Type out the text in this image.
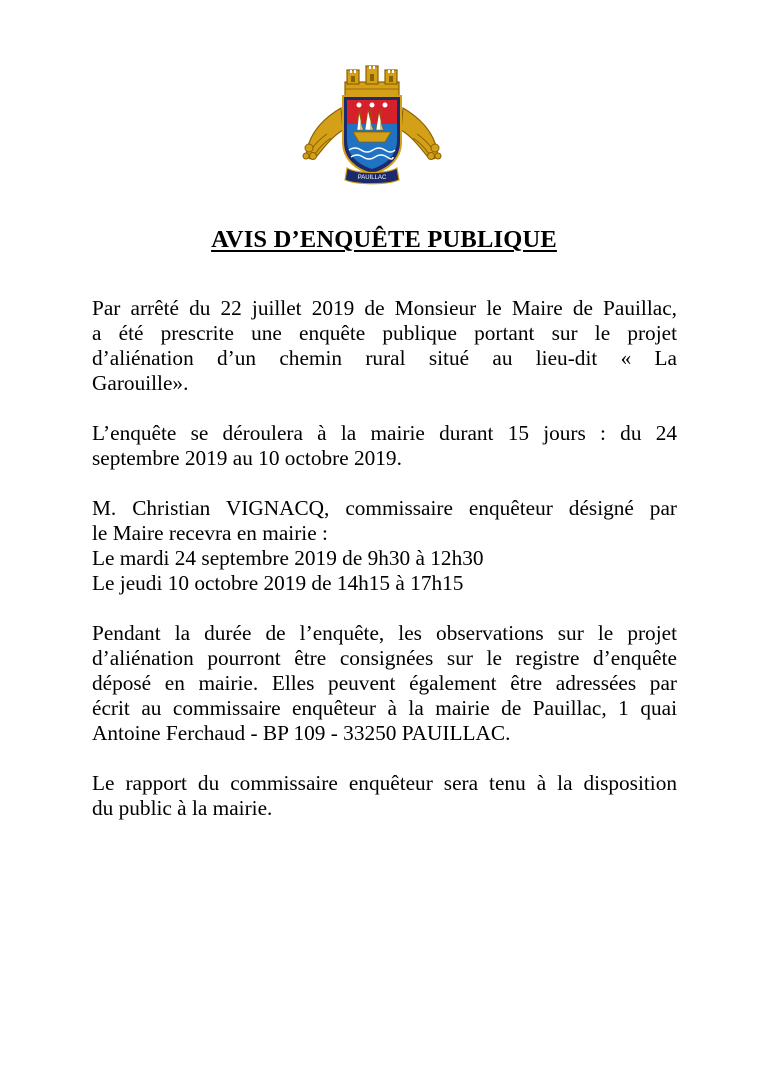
PAUILLAC
AVIS D’ENQUÊTE PUBLIQUE
Par arrêté du 22 juillet 2019 de Monsieur le Maire de Pauillac,
a été prescrite une enquête publique portant sur le projet
d’aliénation d’un chemin rural situé au lieu-dit « La
Garouille».
L’enquête se déroulera à la mairie durant 15 jours : du 24
septembre 2019 au 10 octobre 2019.
M. Christian VIGNACQ, commissaire enquêteur désigné par
le Maire recevra en mairie :
Le mardi 24 septembre 2019 de 9h30 à 12h30
Le jeudi 10 octobre 2019 de 14h15 à 17h15
Pendant la durée de l’enquête, les observations sur le projet
d’aliénation pourront être consignées sur le registre d’enquête
déposé en mairie. Elles peuvent également être adressées par
écrit au commissaire enquêteur à la mairie de Pauillac, 1 quai
Antoine Ferchaud - BP 109 - 33250 PAUILLAC.
Le rapport du commissaire enquêteur sera tenu à la disposition
du public à la mairie.
